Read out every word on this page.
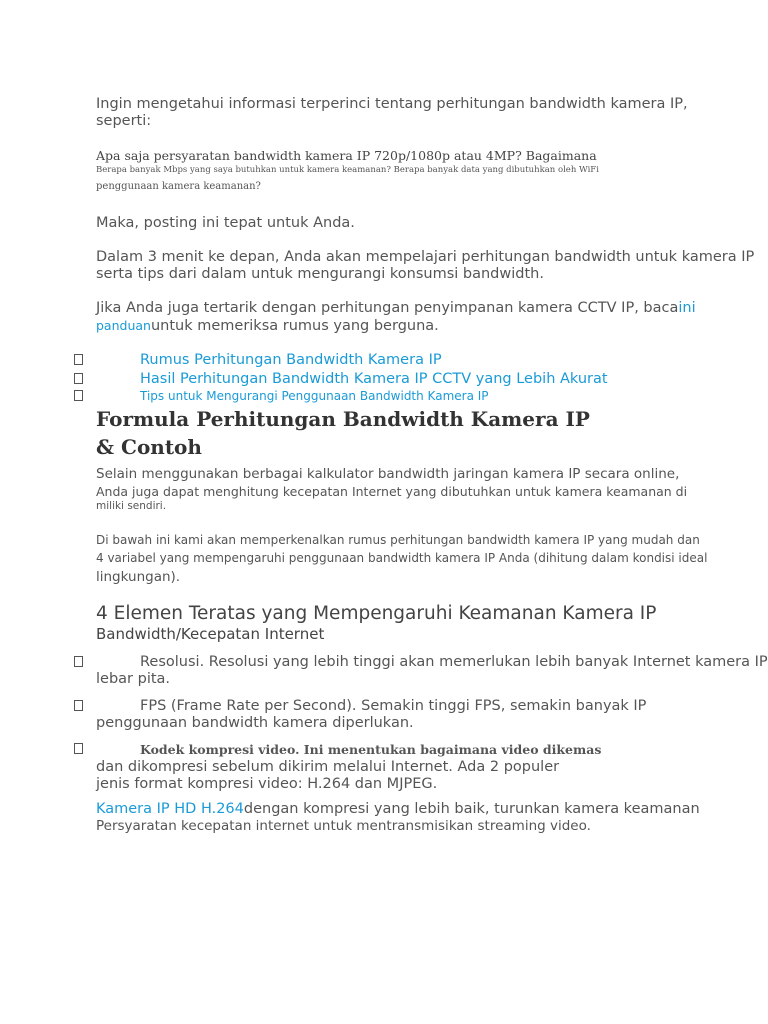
Ingin mengetahui informasi terperinci tentang perhitungan bandwidth kamera IP,
seperti:
Apa saja persyaratan bandwidth kamera IP 720p/1080p atau 4MP? Bagaimana
Berapa banyak Mbps yang saya butuhkan untuk kamera keamanan? Berapa banyak data yang dibutuhkan oleh WiFi
penggunaan kamera keamanan?
Maka, posting ini tepat untuk Anda.
Dalam 3 menit ke depan, Anda akan mempelajari perhitungan bandwidth untuk kamera IP
serta tips dari dalam untuk mengurangi konsumsi bandwidth.
Jika Anda juga tertarik dengan perhitungan penyimpanan kamera CCTV IP, bacaini
panduanuntuk memeriksa rumus yang berguna.
Rumus Perhitungan Bandwidth Kamera IP
Hasil Perhitungan Bandwidth Kamera IP CCTV yang Lebih Akurat
Tips untuk Mengurangi Penggunaan Bandwidth Kamera IP
Formula Perhitungan Bandwidth Kamera IP
& Contoh
Selain menggunakan berbagai kalkulator bandwidth jaringan kamera IP secara online,
Anda juga dapat menghitung kecepatan Internet yang dibutuhkan untuk kamera keamanan di
miliki sendiri.
Di bawah ini kami akan memperkenalkan rumus perhitungan bandwidth kamera IP yang mudah dan
4 variabel yang mempengaruhi penggunaan bandwidth kamera IP Anda (dihitung dalam kondisi ideal
lingkungan).
4 Elemen Teratas yang Mempengaruhi Keamanan Kamera IP
Bandwidth/Kecepatan Internet
Resolusi. Resolusi yang lebih tinggi akan memerlukan lebih banyak Internet kamera IP
lebar pita.
FPS (Frame Rate per Second). Semakin tinggi FPS, semakin banyak IP
penggunaan bandwidth kamera diperlukan.
Kodek kompresi video. Ini menentukan bagaimana video dikemas
dan dikompresi sebelum dikirim melalui Internet. Ada 2 populer
jenis format kompresi video: H.264 dan MJPEG.
Kamera IP HD H.264dengan kompresi yang lebih baik, turunkan kamera keamanan
Persyaratan kecepatan internet untuk mentransmisikan streaming video.
